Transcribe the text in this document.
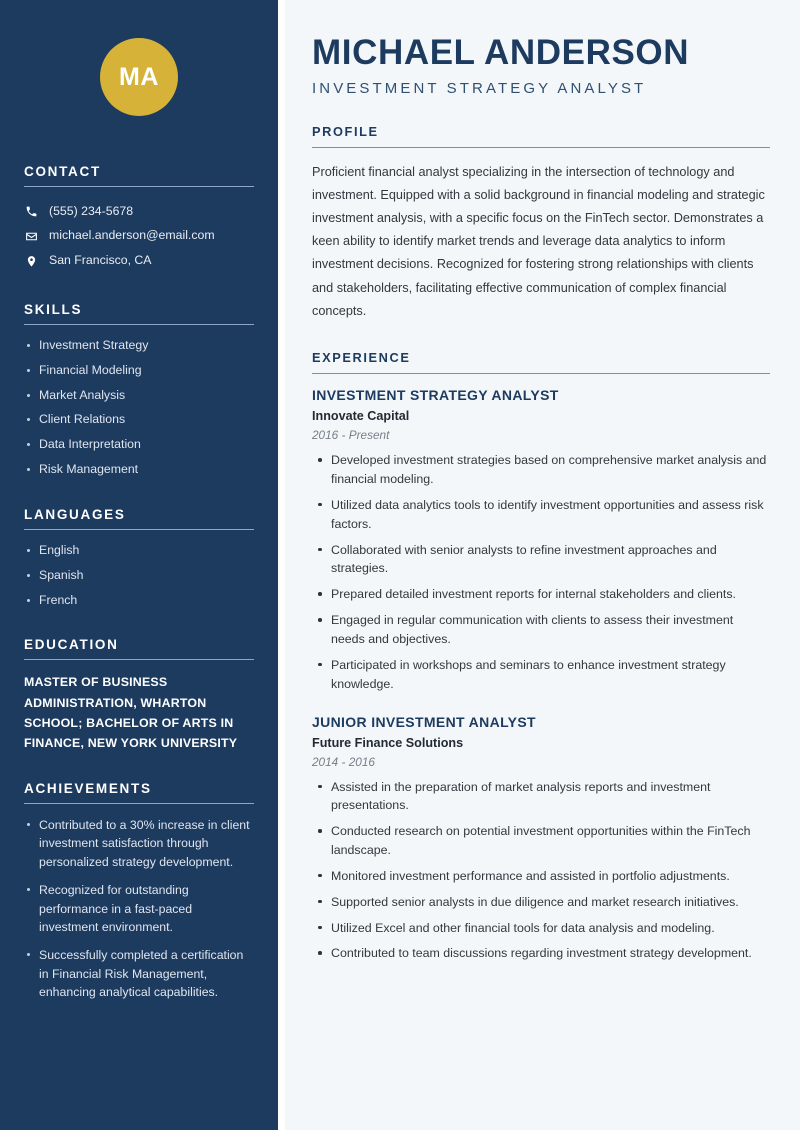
MA
CONTACT
(555) 234-5678
michael.anderson@email.com
San Francisco, CA
SKILLS
Investment Strategy
Financial Modeling
Market Analysis
Client Relations
Data Interpretation
Risk Management
LANGUAGES
English
Spanish
French
EDUCATION
MASTER OF BUSINESS ADMINISTRATION, WHARTON SCHOOL; BACHELOR OF ARTS IN FINANCE, NEW YORK UNIVERSITY
ACHIEVEMENTS
Contributed to a 30% increase in client investment satisfaction through personalized strategy development.
Recognized for outstanding performance in a fast-paced investment environment.
Successfully completed a certification in Financial Risk Management, enhancing analytical capabilities.
MICHAEL ANDERSON
INVESTMENT STRATEGY ANALYST
PROFILE

Proficient financial analyst specializing in the intersection of technology and investment. Equipped with a solid background in financial modeling and strategic investment analysis, with a specific focus on the FinTech sector. Demonstrates a keen ability to identify market trends and leverage data analytics to inform investment decisions. Recognized for fostering strong relationships with clients and stakeholders, facilitating effective communication of complex financial concepts.

EXPERIENCE
INVESTMENT STRATEGY ANALYST
Innovate Capital
2016 - Present
Developed investment strategies based on comprehensive market analysis and financial modeling.
Utilized data analytics tools to identify investment opportunities and assess risk factors.
Collaborated with senior analysts to refine investment approaches and strategies.
Prepared detailed investment reports for internal stakeholders and clients.
Engaged in regular communication with clients to assess their investment needs and objectives.
Participated in workshops and seminars to enhance investment strategy knowledge.
JUNIOR INVESTMENT ANALYST
Future Finance Solutions
2014 - 2016
Assisted in the preparation of market analysis reports and investment presentations.
Conducted research on potential investment opportunities within the FinTech landscape.
Monitored investment performance and assisted in portfolio adjustments.
Supported senior analysts in due diligence and market research initiatives.
Utilized Excel and other financial tools for data analysis and modeling.
Contributed to team discussions regarding investment strategy development.
